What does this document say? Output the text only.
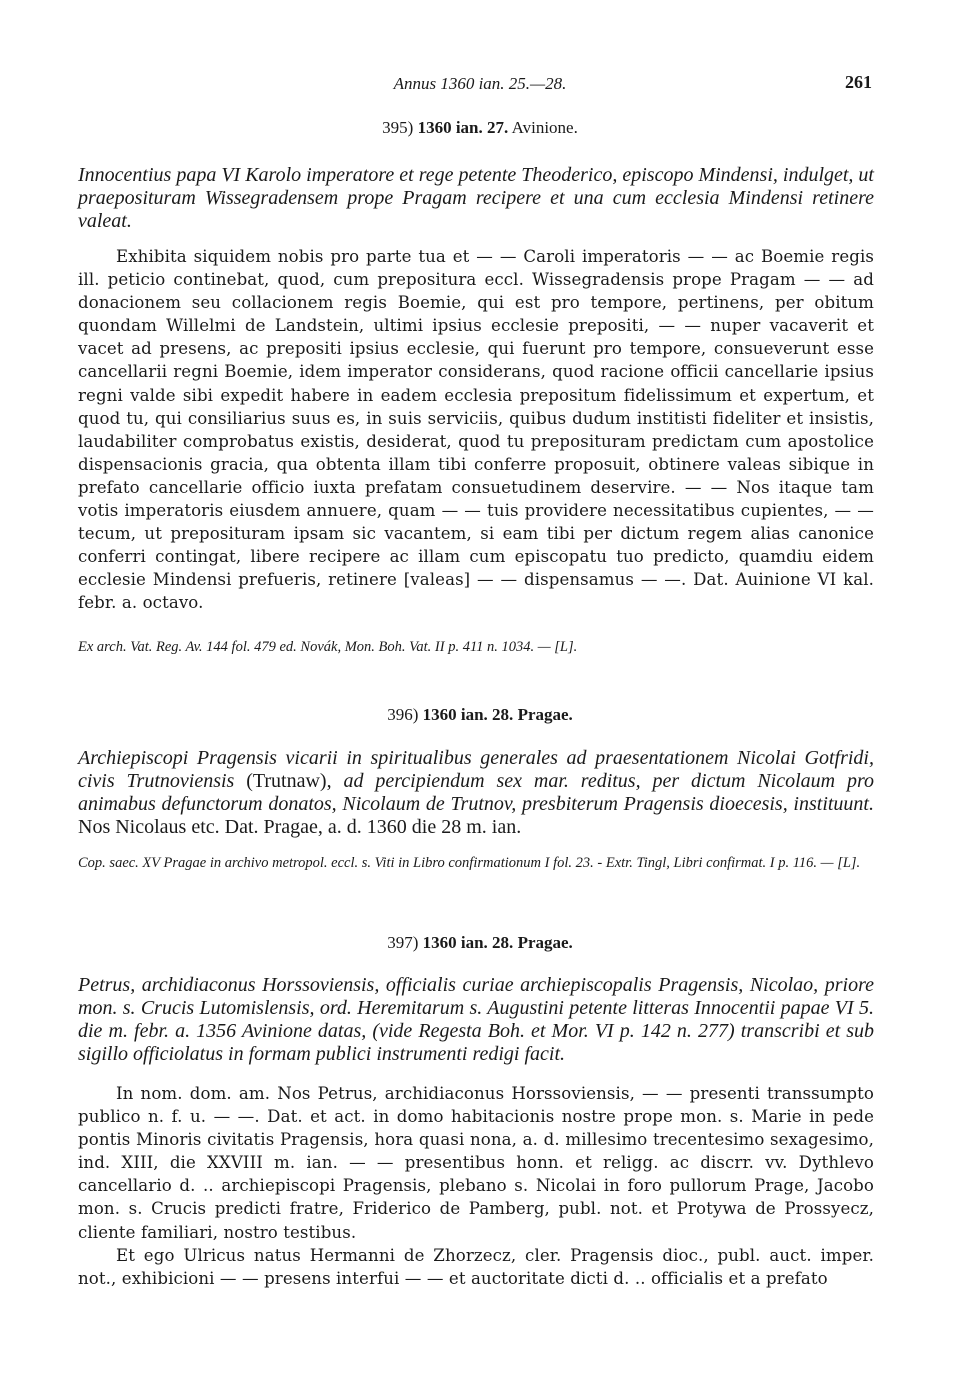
Annus 1360 ian. 25.—28.	261
395) 1360 ian. 27. Avinione.
Innocentius papa VI Karolo imperatore et rege petente Theoderico, episcopo Mindensi, indulget, ut praeposituram Wissegradensem prope Pragam recipere et una cum ecclesia Mindensi retinere valeat.

Exhibita siquidem nobis pro parte tua et — — Caroli imperatoris — — ac Boemie regis ill. peticio continebat, quod, cum prepositura eccl. Wissegradensis prope Pragam — — ad donacionem seu collacionem regis Boemie, qui est pro tempore, pertinens, per obitum quondam Willelmi de Landstein, ultimi ipsius ecclesie prepositi, — — nuper vacaverit et vacet ad presens, ac prepositi ipsius ecclesie, qui fuerunt pro tempore, consueverunt esse cancellarii regni Boemie, idem imperator considerans, quod racione officii cancellarie ipsius regni valde sibi expedit habere in eadem ecclesia prepositum fidelissimum et expertum, et quod tu, qui consiliarius suus es, in suis serviciis, quibus dudum institisti fideliter et insistis, laudabiliter comprobatus existis, desiderat, quod tu preposituram predictam cum apostolice dispensacionis gracia, qua obtenta illam tibi conferre proposuit, obtinere valeas sibique in prefato cancellarie officio iuxta prefatam consuetudinem deservire. — — Nos itaque tam votis imperatoris eiusdem annuere, quam — — tuis providere necessitatibus cupientes, — — tecum, ut preposituram ipsam sic vacantem, si eam tibi per dictum regem alias canonice conferri contingat, libere recipere ac illam cum episcopatu tuo predicto, quamdiu eidem ecclesie Mindensi prefueris, retinere [valeas] — — dispensamus — —. Dat. Auinione VI kal. febr. a. octavo.

Ex arch. Vat. Reg. Av. 144 fol. 479 ed. Novák, Mon. Boh. Vat. II p. 411 n. 1034. — [L].
396) 1360 ian. 28. Pragae.
Archiepiscopi Pragensis vicarii in spiritualibus generales ad praesentationem Nicolai Gotfridi, civis Trutnoviensis (Trutnaw), ad percipiendum sex mar. reditus, per dictum Nicolaum pro animabus defunctorum donatos, Nicolaum de Trutnov, presbiterum Pragensis dioecesis, instituunt. Nos Nicolaus etc. Dat. Pragae, a. d. 1360 die 28 m. ian.
Cop. saec. XV Pragae in archivo metropol. eccl. s. Viti in Libro confirmationum I fol. 23. - Extr. Tingl, Libri confirmat. I p. 116. — [L].
397) 1360 ian. 28. Pragae.
Petrus, archidiaconus Horssoviensis, officialis curiae archiepiscopalis Pragensis, Nicolao, priore mon. s. Crucis Lutomislensis, ord. Heremitarum s. Augustini petente litteras Innocentii papae VI 5. die m. febr. a. 1356 Avinione datas, (vide Regesta Boh. et Mor. VI p. 142 n. 277) transcribi et sub sigillo officiolatus in formam publici instrumenti redigi facit.

In nom. dom. am. Nos Petrus, archidiaconus Horssoviensis, — — presenti transsumpto publico n. f. u. — —. Dat. et act. in domo habitacionis nostre prope mon. s. Marie in pede pontis Minoris civitatis Pragensis, hora quasi nona, a. d. millesimo trecentesimo sexagesimo, ind. XIII, die XXVIII m. ian. — — presentibus honn. et religg. ac discrr. vv. Dythlevo cancellario d. .. archiepiscopi Pragensis, plebano s. Nicolai in foro pullorum Prage, Jacobo mon. s. Crucis predicti fratre, Friderico de Pamberg, publ. not. et Protywa de Prossyecz, cliente familiari, nostro testibus.

Et ego Ulricus natus Hermanni de Zhorzecz, cler. Pragensis dioc., publ. auct. imper. not., exhibicioni — — presens interfui — — et auctoritate dicti d. .. officialis et a prefato
